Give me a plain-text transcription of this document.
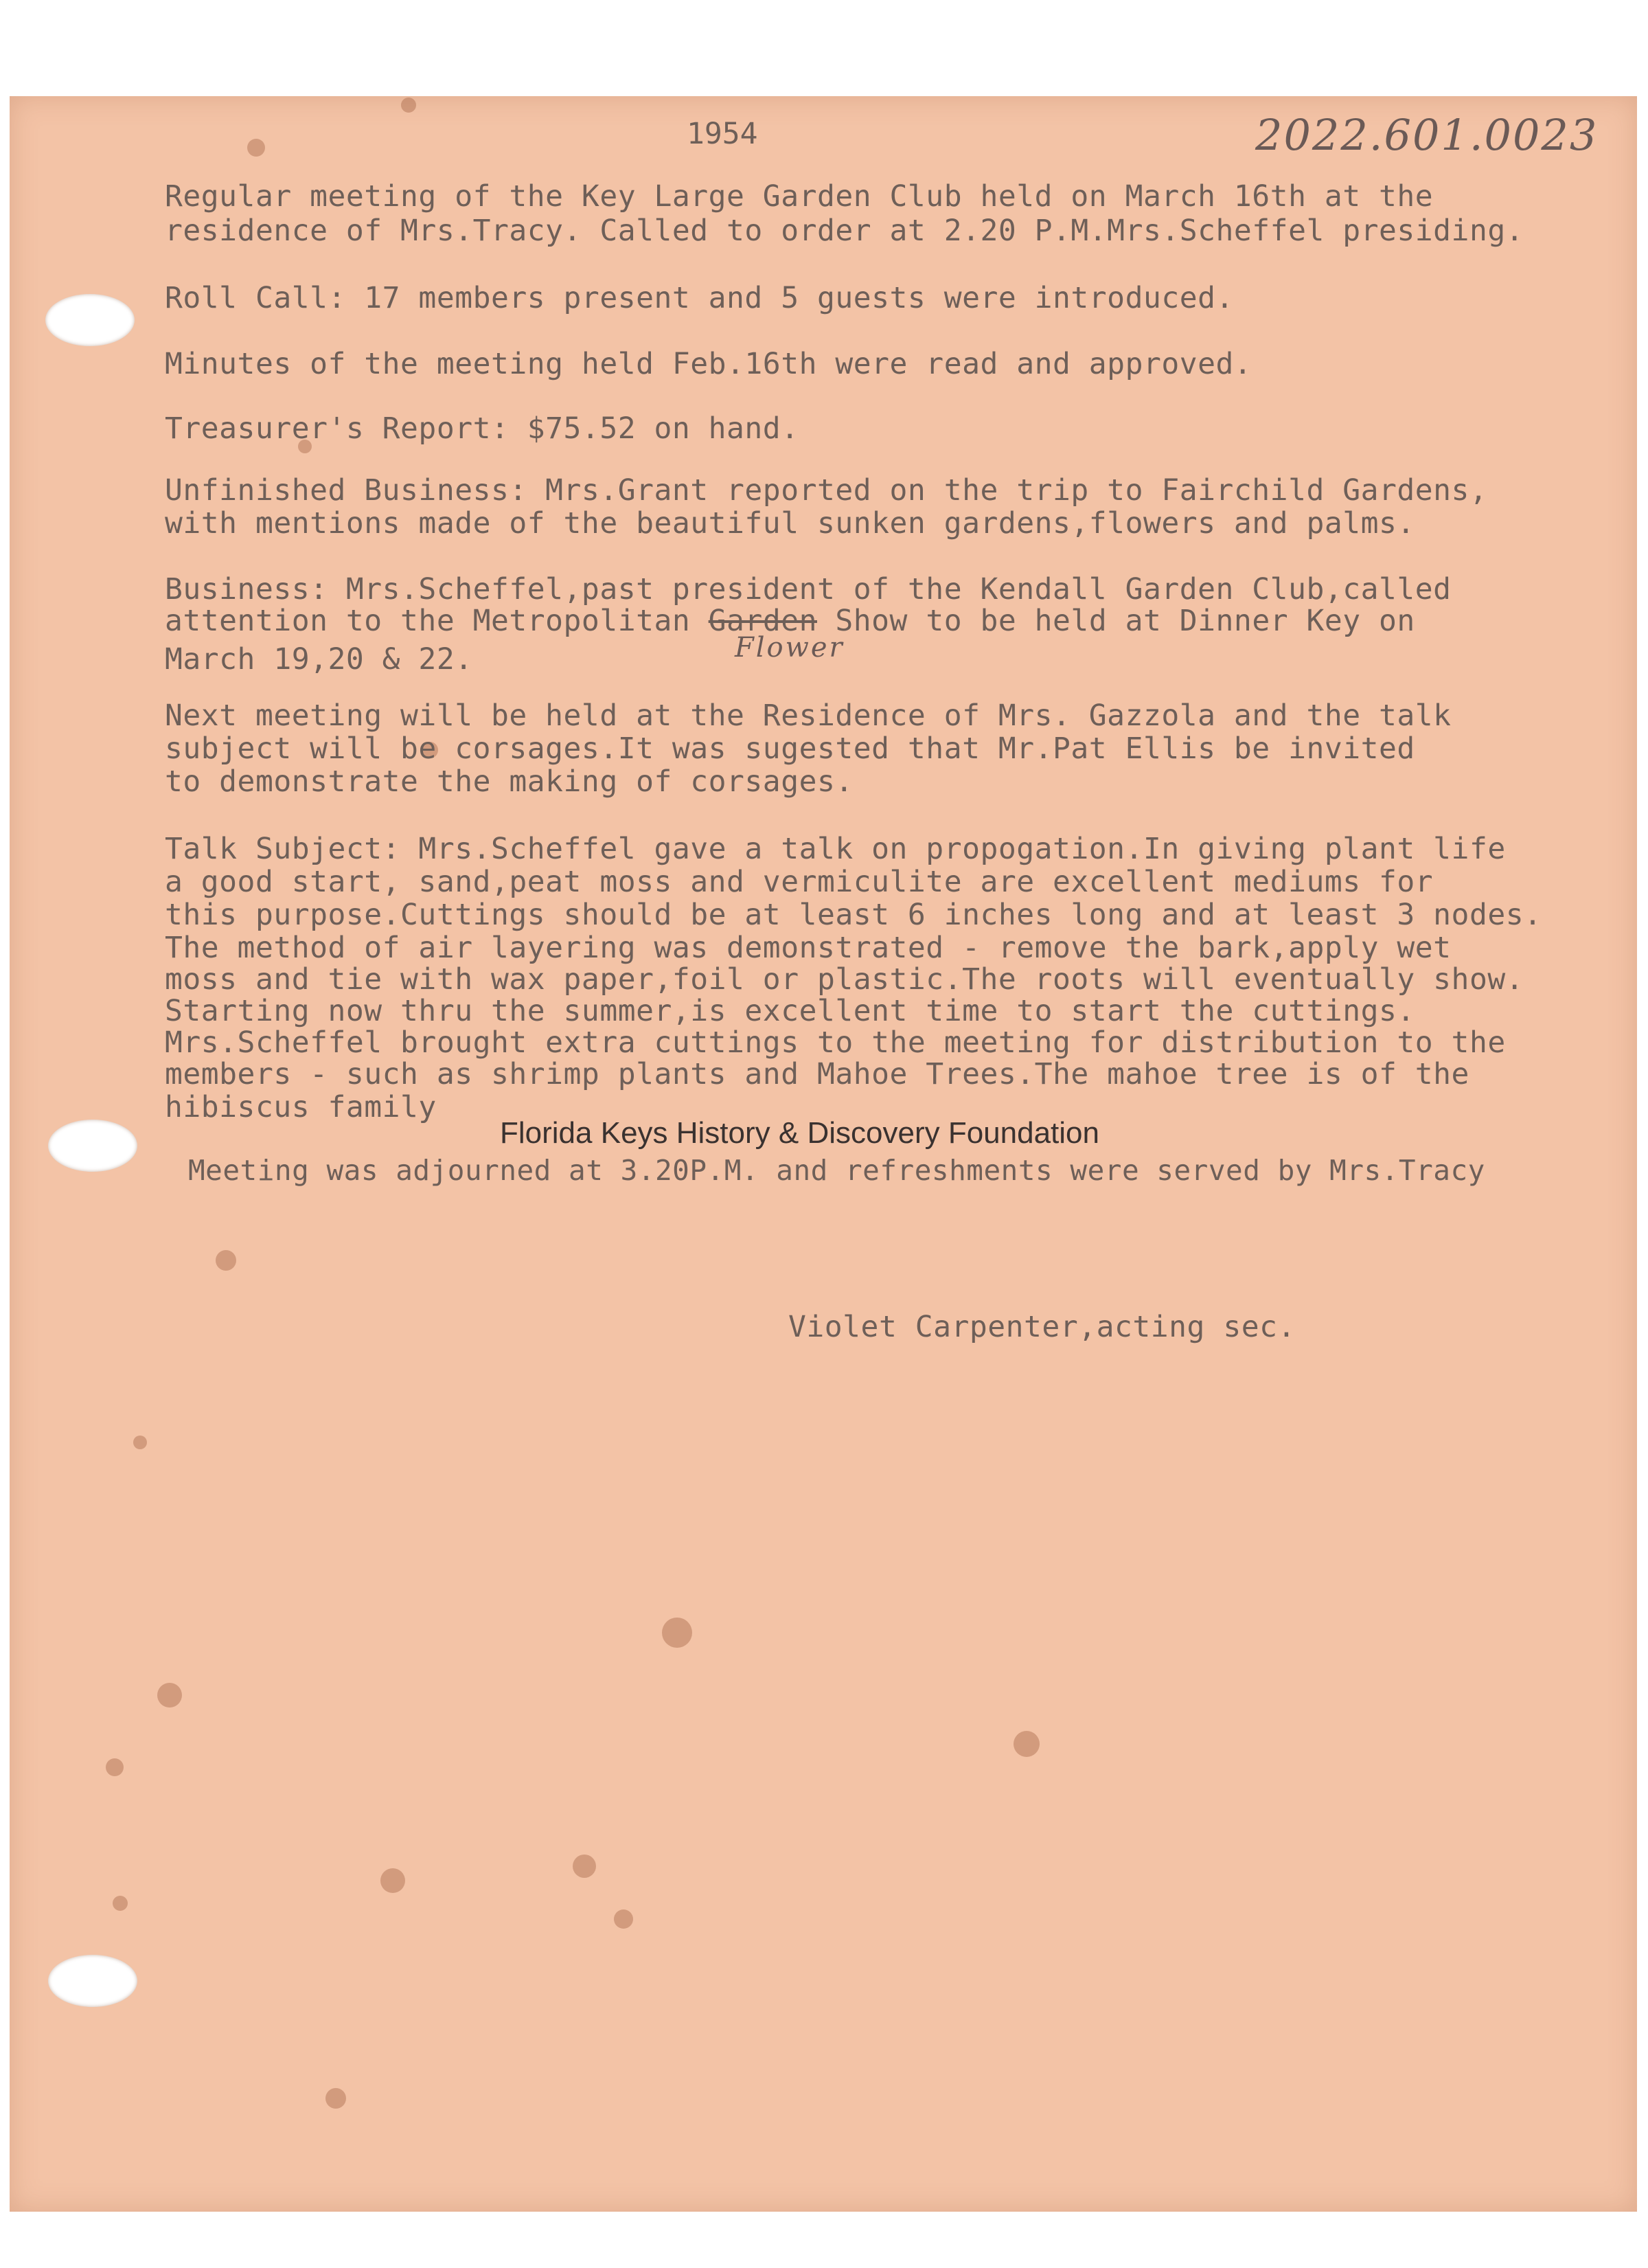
1954	2022.601.0023
Regular meeting of the Key Large Garden Club held on March 16th at the
residence of Mrs.Tracy. Called to order at 2.20 P.M.Mrs.Scheffel presiding.
Roll Call: 17 members present and 5 guests were introduced.
Minutes of the meeting held Feb.16th were read and approved.
Treasurer's Report: $75.52 on hand.
Unfinished Business: Mrs.Grant reported on the trip to Fairchild Gardens,
with mentions made of the beautiful sunken gardens,flowers and palms.
Business: Mrs.Scheffel,past president of the Kendall Garden Club,called
attention to the Metropolitan Garden Show to be held at Dinner Key on
Flower
March 19,20 & 22.
Next meeting will be held at the Residence of Mrs. Gazzola and the talk
subject will be corsages.It was sugested that Mr.Pat Ellis be invited
to demonstrate the making of corsages.
Talk Subject: Mrs.Scheffel gave a talk on propogation.In giving plant life
a good start, sand,peat moss and vermiculite are excellent mediums for
this purpose.Cuttings should be at least 6 inches long and at least 3 nodes.
The method of air layering was demonstrated - remove the bark,apply wet
moss and tie with wax paper,foil or plastic.The roots will eventually show.
Starting now thru the summer,is excellent time to start the cuttings.
Mrs.Scheffel brought extra cuttings to the meeting for distribution to the
members - such as shrimp plants and Mahoe Trees.The mahoe tree is of the
hibiscus family
Florida Keys History & Discovery Foundation
Meeting was adjourned at 3.20P.M. and refreshments were served by Mrs.Tracy
Violet Carpenter,acting sec.
